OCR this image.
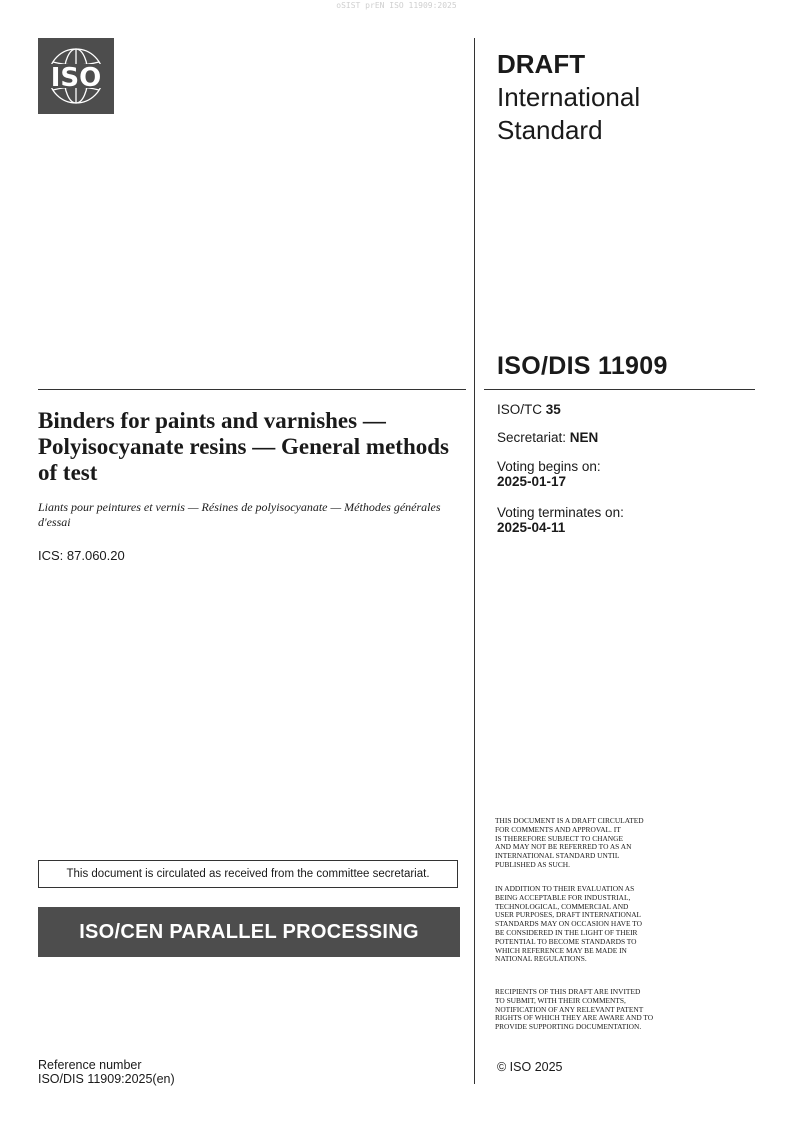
oSIST prEN ISO 11909:2025
ISO	DRAFT
International
Standard
ISO/DIS 11909
Binders for paints and varnishes — Polyisocyanate resins — General methods of test
Liants pour peintures et vernis — Résines de polyisocyanate — Méthodes générales d'essai
ICS: 87.060.20
ISO/TC 35
Secretariat: NEN
Voting begins on:
2025-01-17
Voting terminates on:
2025-04-11
THIS DOCUMENT IS A DRAFT CIRCULATED
FOR COMMENTS AND APPROVAL. IT
IS THEREFORE SUBJECT TO CHANGE
AND MAY NOT BE REFERRED TO AS AN
INTERNATIONAL STANDARD UNTIL
PUBLISHED AS SUCH.
IN ADDITION TO THEIR EVALUATION AS
BEING ACCEPTABLE FOR INDUSTRIAL,
TECHNOLOGICAL, COMMERCIAL AND
USER PURPOSES, DRAFT INTERNATIONAL
STANDARDS MAY ON OCCASION HAVE TO
BE CONSIDERED IN THE LIGHT OF THEIR
POTENTIAL TO BECOME STANDARDS TO
WHICH REFERENCE MAY BE MADE IN
NATIONAL REGULATIONS.
RECIPIENTS OF THIS DRAFT ARE INVITED
TO SUBMIT, WITH THEIR COMMENTS,
NOTIFICATION OF ANY RELEVANT PATENT
RIGHTS OF WHICH THEY ARE AWARE AND TO
PROVIDE SUPPORTING DOCUMENTATION.
This document is circulated as received from the committee secretariat.
ISO/CEN PARALLEL PROCESSING
Reference number
ISO/DIS 11909:2025(en)
© ISO 2025
